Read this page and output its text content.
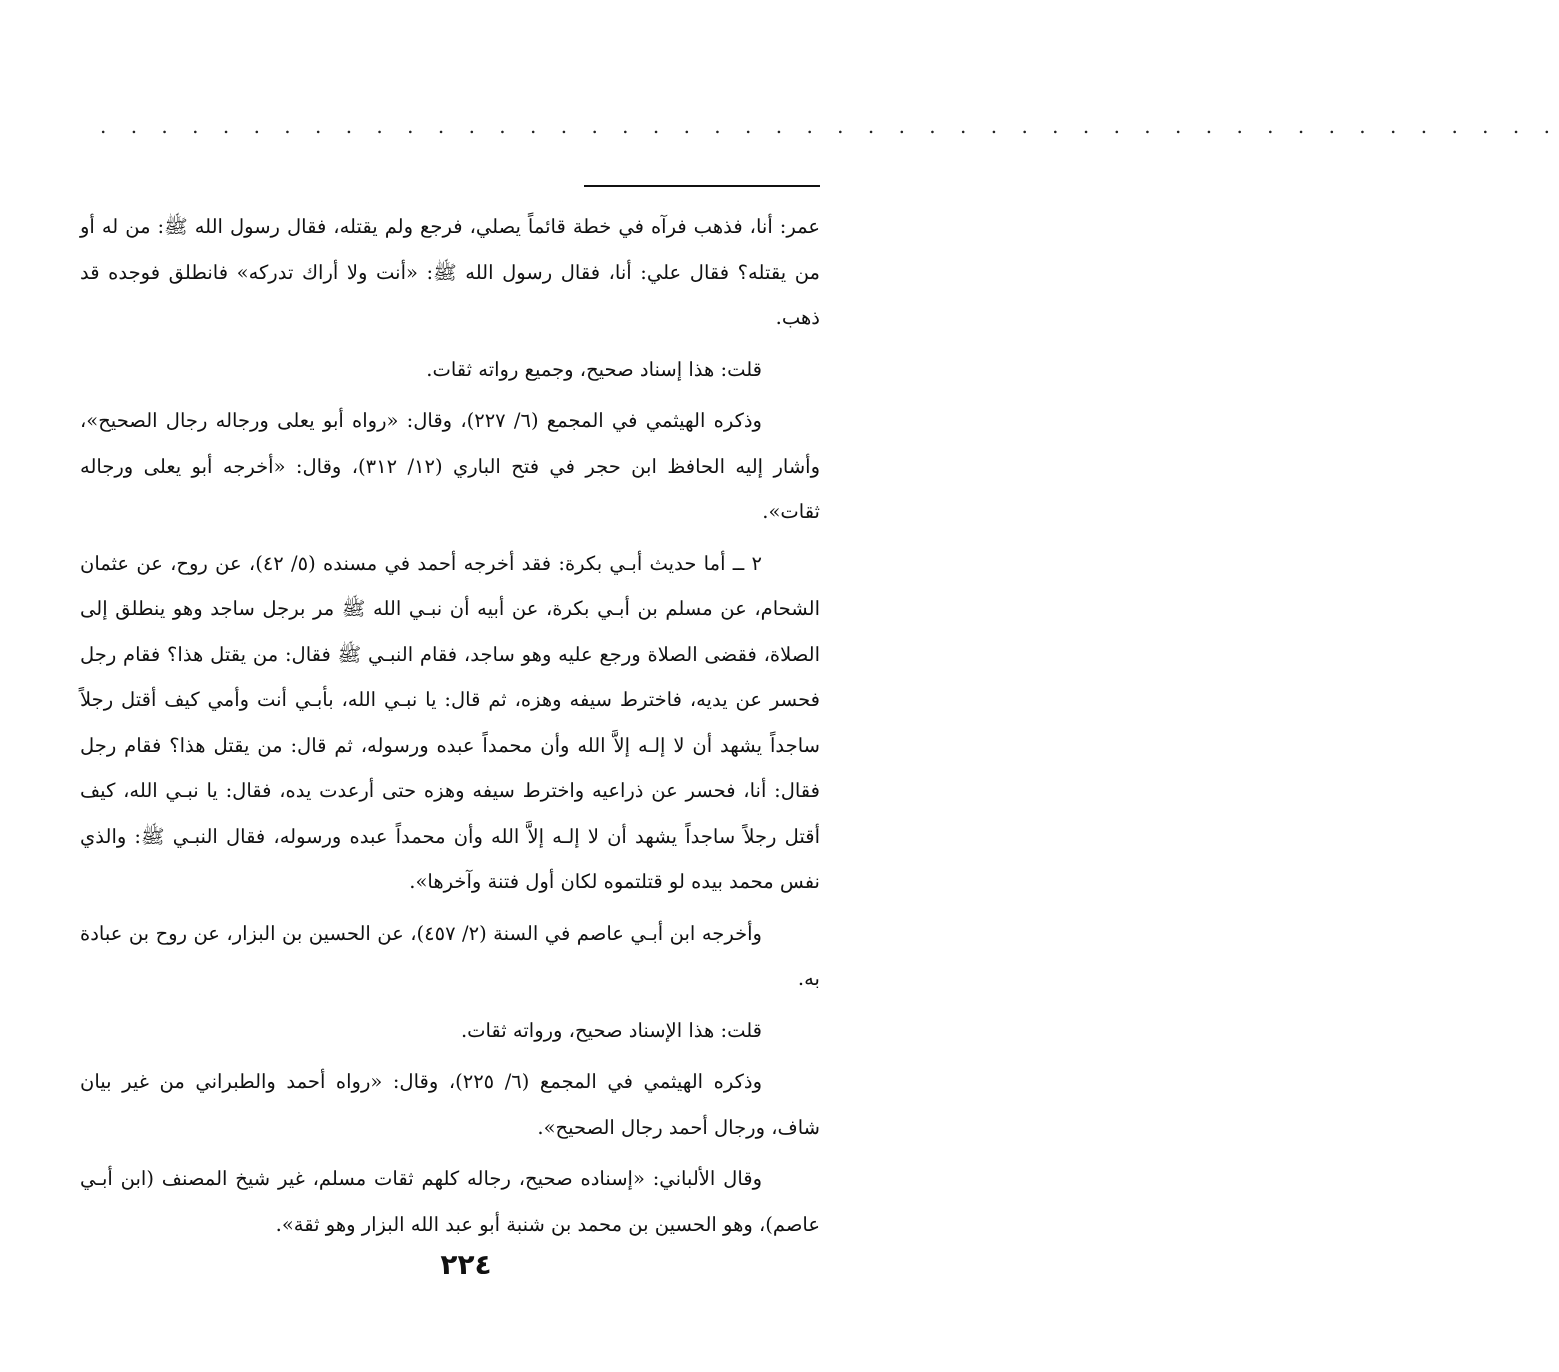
. . . . . . . . . . . . . . . . . . . . . . . . . . . . . . . . . . . . . . . . . . . . . . . .

عمر: أنا، فذهب فرآه في خطة قائماً يصلي، فرجع ولم يقتله، فقال رسول الله ﷺ: من له أو من يقتله؟ فقال علي: أنا، فقال رسول الله ﷺ: «أنت ولا أراك تدركه» فانطلق فوجده قد ذهب.

قلت: هذا إسناد صحيح، وجميع رواته ثقات.

وذكره الهيثمي في المجمع (٦/ ٢٢٧)، وقال: «رواه أبو يعلى ورجاله رجال الصحيح»، وأشار إليه الحافظ ابن حجر في فتح الباري (١٢/ ٣١٢)، وقال: «أخرجه أبو يعلى ورجاله ثقات».

٢ ــ أما حديث أبـي بكرة: فقد أخرجه أحمد في مسنده (٥/ ٤٢)، عن روح، عن عثمان الشحام، عن مسلم بن أبـي بكرة، عن أبيه أن نبـي الله ﷺ مر برجل ساجد وهو ينطلق إلى الصلاة، فقضى الصلاة ورجع عليه وهو ساجد، فقام النبـي ﷺ فقال: من يقتل هذا؟ فقام رجل فحسر عن يديه، فاخترط سيفه وهزه، ثم قال: يا نبـي الله، بأبـي أنت وأمي كيف أقتل رجلاً ساجداً يشهد أن لا إلـه إلاَّ الله وأن محمداً عبده ورسوله، ثم قال: من يقتل هذا؟ فقام رجل فقال: أنا، فحسر عن ذراعيه واخترط سيفه وهزه حتى أرعدت يده، فقال: يا نبـي الله، كيف أقتل رجلاً ساجداً يشهد أن لا إلـه إلاَّ الله وأن محمداً عبده ورسوله، فقال النبـي ﷺ: والذي نفس محمد بيده لو قتلتموه لكان أول فتنة وآخرها».

وأخرجه ابن أبـي عاصم في السنة (٢/ ٤٥٧)، عن الحسين بن البزار، عن روح بن عبادة به.

قلت: هذا الإسناد صحيح، ورواته ثقات.

وذكره الهيثمي في المجمع (٦/ ٢٢٥)، وقال: «رواه أحمد والطبراني من غير بيان شاف، ورجال أحمد رجال الصحيح».

وقال الألباني: «إسناده صحيح، رجاله كلهم ثقات مسلم، غير شيخ المصنف (ابن أبـي عاصم)، وهو الحسين بن محمد بن شنبة أبو عبد الله البزار وهو ثقة».

٢٢٤
